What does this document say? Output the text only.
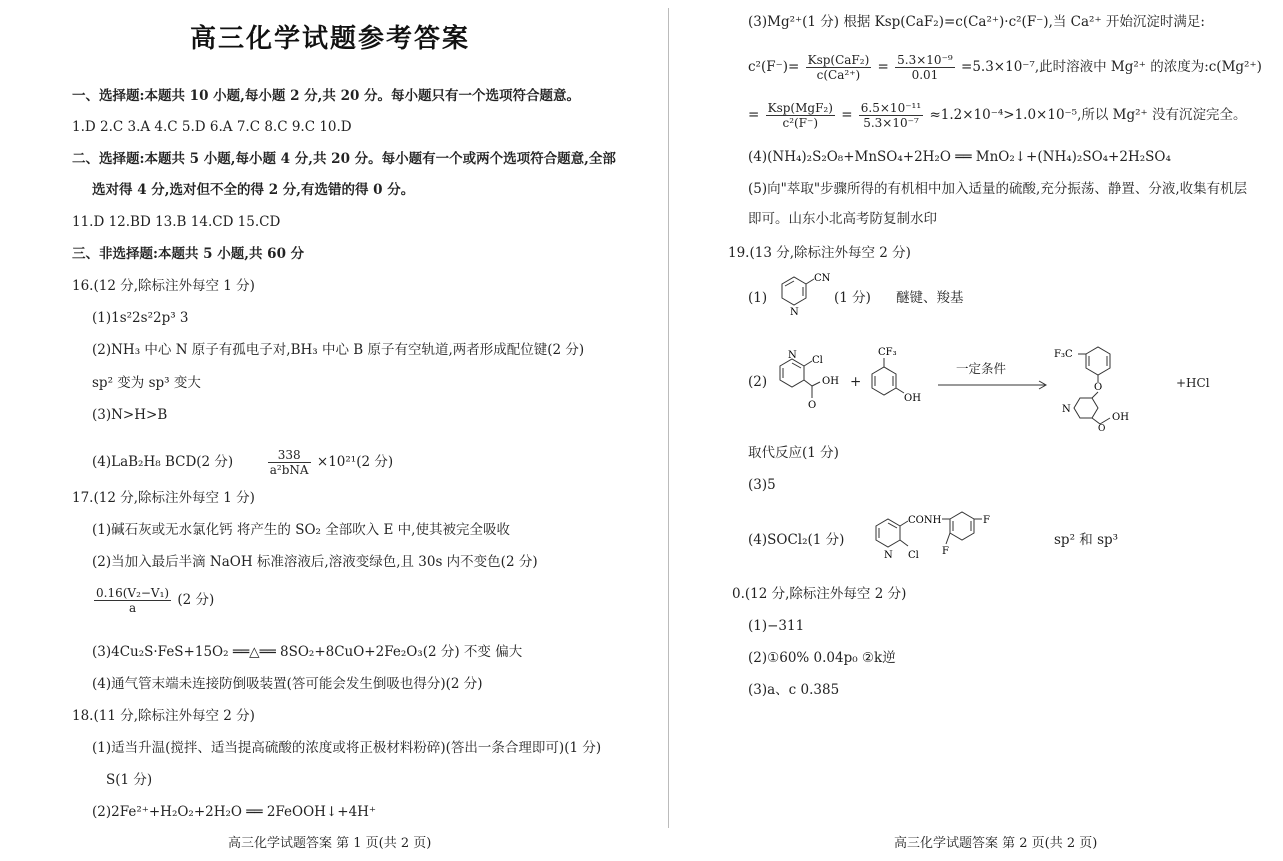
高三化学试题参考答案
一、选择题:本题共 10 小题,每小题 2 分,共 20 分。每小题只有一个选项符合题意。
1.D 2.C 3.A 4.C 5.D 6.A 7.C 8.C 9.C 10.D
二、选择题:本题共 5 小题,每小题 4 分,共 20 分。每小题有一个或两个选项符合题意,全部
选对得 4 分,选对但不全的得 2 分,有选错的得 0 分。
11.D 12.BD 13.B 14.CD 15.CD
三、非选择题:本题共 5 小题,共 60 分
16.(12 分,除标注外每空 1 分)
(1)1s²2s²2p³ 3
(2)NH₃ 中心 N 原子有孤电子对,BH₃ 中心 B 原子有空轨道,两者形成配位键(2 分)
sp² 变为 sp³ 变大
(3)N>H>B
(4)LaB₂H₈ BCD(2 分)	$\frac{338}{\text{a²bNA}} \times 10^{21}(2$ 分)
17.(12 分,除标注外每空 1 分)
(1)碱石灰或无水氯化钙 将产生的 SO₂ 全部吹入 E 中,使其被完全吸收
(2)当加入最后半滴 NaOH 标准溶液后,溶液变绿色,且 30s 内不变色(2 分)
$\frac{\text{0.16(V₂−V₁)}}{a} (2$ 分)
(3)4Cu₂S·FeS+15O₂ ══△══ 8SO₂+8CuO+2Fe₂O₃(2 分) 不变 偏大
(4)通气管末端未连接防倒吸装置(答可能会发生倒吸也得分)(2 分)
18.(11 分,除标注外每空 2 分)
(1)适当升温(搅拌、适当提高硫酸的浓度或将正极材料粉碎)(答出一条合理即可)(1 分)
S(1 分)
(2)2Fe²⁺+H₂O₂+2H₂O ══ 2FeOOH↓+4H⁺
高三化学试题答案 第 1 页(共 2 页)
(3)Mg²⁺(1 分) 根据 Ksp(CaF₂)=c(Ca²⁺)·c²(F⁻),当 Ca²⁺ 开始沉淀时满足:
$c^2(F^-)= \frac{\text{Ksp(CaF₂)}}{\text{c(Ca²⁺)}} = \frac{\text{5.3×10⁻⁹}}{0.01} =5.3\times 10^{-7}$,此时溶液中 Mg²⁺ 的浓度为:c(Mg²⁺)
= $\frac{\text{Ksp(MgF₂)}}{\text{c²(F⁻)}} = \frac{\text{6.5×10⁻¹¹}}{\text{5.3×10⁻⁷}} \approx 1.2\times 10^{-4}>1.0\times 10^{-5}$,所以 Mg²⁺ 没有沉淀完全。
(4)(NH₄)₂S₂O₈+MnSO₄+2H₂O ══ MnO₂↓+(NH₄)₂SO₄+2H₂SO₄
(5)向"萃取"步骤所得的有机相中加入适量的硫酸,充分振荡、静置、分液,收集有机层
即可。山东小北高考防复制水印
19.(13 分,除标注外每空 2 分)
(1)
CN
N
(1 分) 醚键、羧基
(2)
N Cl
O
OH +
CF₃
OH
一定条件
F₃C
O
N
OH
O
+HCl
取代反应(1 分)
(3)5
(4)SOCl₂(1 分)
N Cl
CONH	F
F
sp² 和 sp³
0.(12 分,除标注外每空 2 分)
(1)−311
(2)①60% 0.04p₀ ②k逆
(3)a、c 0.385
高三化学试题答案 第 2 页(共 2 页)
